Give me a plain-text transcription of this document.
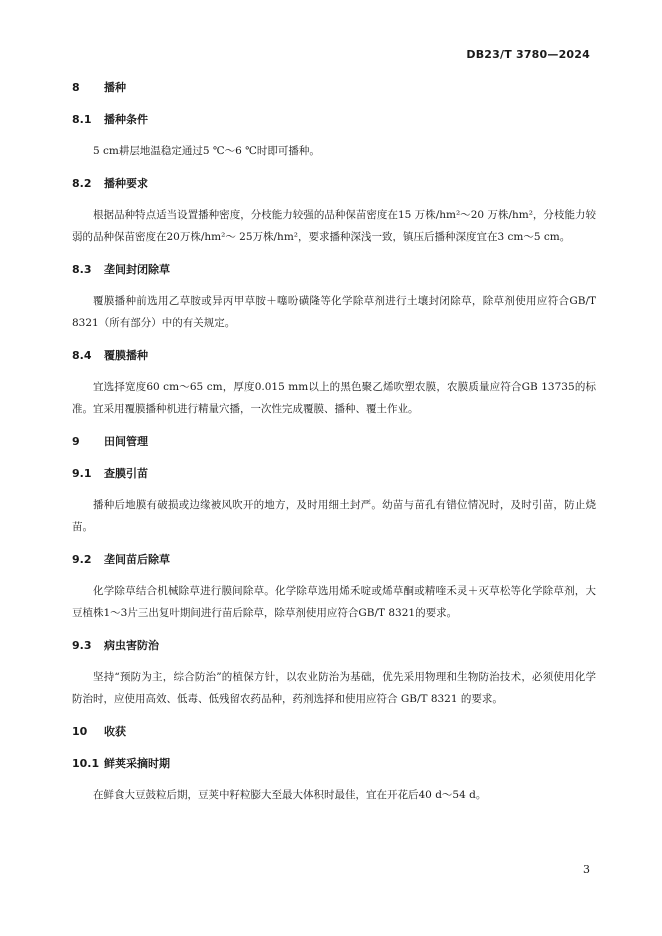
DB23/T 3780—2024
8 播种
8.1 播种条件
5 cm耕层地温稳定通过5 ℃～6 ℃时即可播种。
8.2 播种要求
根据品种特点适当设置播种密度，分枝能力较强的品种保苗密度在15 万株/hm²～20 万株/hm²，分枝能力较弱的品种保苗密度在20万株/hm²～ 25万株/hm²，要求播种深浅一致，镇压后播种深度宜在3 cm～5 cm。
8.3 垄间封闭除草
覆膜播种前选用乙草胺或异丙甲草胺＋噻吩磺隆等化学除草剂进行土壤封闭除草，除草剂使用应符合GB/T 8321（所有部分）中的有关规定。
8.4 覆膜播种
宜选择宽度60 cm～65 cm，厚度0.015 mm以上的黑色聚乙烯吹塑农膜，农膜质量应符合GB 13735的标准。宜采用覆膜播种机进行精量穴播，一次性完成覆膜、播种、覆土作业。
9 田间管理
9.1 查膜引苗
播种后地膜有破损或边缘被风吹开的地方，及时用细土封严。幼苗与苗孔有错位情况时，及时引苗，防止烧苗。
9.2 垄间苗后除草
化学除草结合机械除草进行膜间除草。化学除草选用烯禾啶或烯草酮或精喹禾灵＋灭草松等化学除草剂，大豆植株1～3片三出复叶期间进行苗后除草，除草剂使用应符合GB/T 8321的要求。
9.3 病虫害防治
坚持“预防为主，综合防治”的植保方针，以农业防治为基础，优先采用物理和生物防治技术，必须使用化学防治时，应使用高效、低毒、低残留农药品种，药剂选择和使用应符合 GB/T 8321 的要求。
10 收获
10.1 鲜荚采摘时期
在鲜食大豆鼓粒后期，豆荚中籽粒膨大至最大体积时最佳，宜在开花后40 d～54 d。
3
